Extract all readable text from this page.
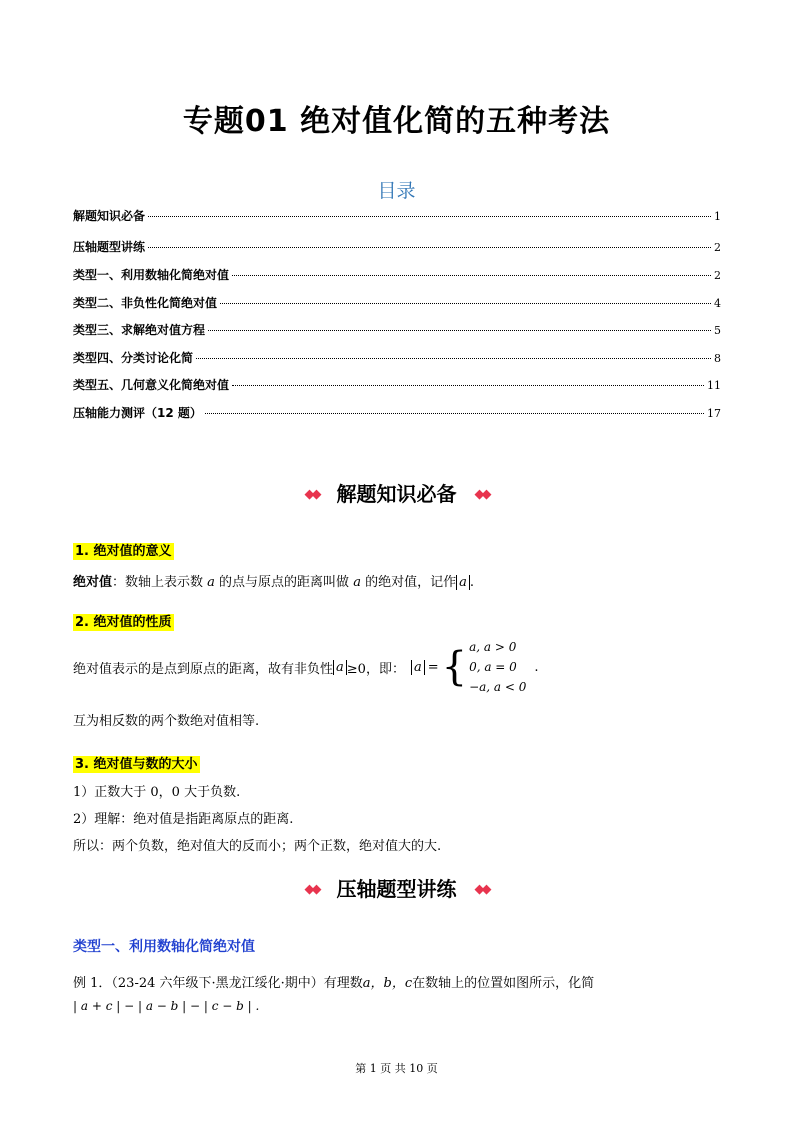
专题01 绝对值化简的五种考法
目录
解题知识必备	1
压轴题型讲练	2
类型一、利用数轴化简绝对值	2
类型二、非负性化简绝对值	4
类型三、求解绝对值方程	5
类型四、分类讨论化简	8
类型五、几何意义化简绝对值	11
压轴能力测评（12 题）	17
◆◆ 解题知识必备	◆◆
1. 绝对值的意义
绝对值：数轴上表示数 a 的点与原点的距离叫做 a 的绝对值，记作 a .
2. 绝对值的性质
绝对值表示的是点到原点的距离，故有非负性 a ≥0，即： a = { a, a > 0
0, a = 0
−a, a < 0
.
互为相反数的两个数绝对值相等.
3. 绝对值与数的大小
1）正数大于 0，0 大于负数.
2）理解：绝对值是指距离原点的距离.
所以：两个负数，绝对值大的反而小；两个正数，绝对值大的大.
◆◆ 压轴题型讲练	◆◆
类型一、利用数轴化简绝对值
例 1．（23-24 六年级下·黑龙江绥化·期中）有理数a，b，c在数轴上的位置如图所示，化简
| a + c | − | a − b | − | c − b | .
第 1 页 共 10 页
